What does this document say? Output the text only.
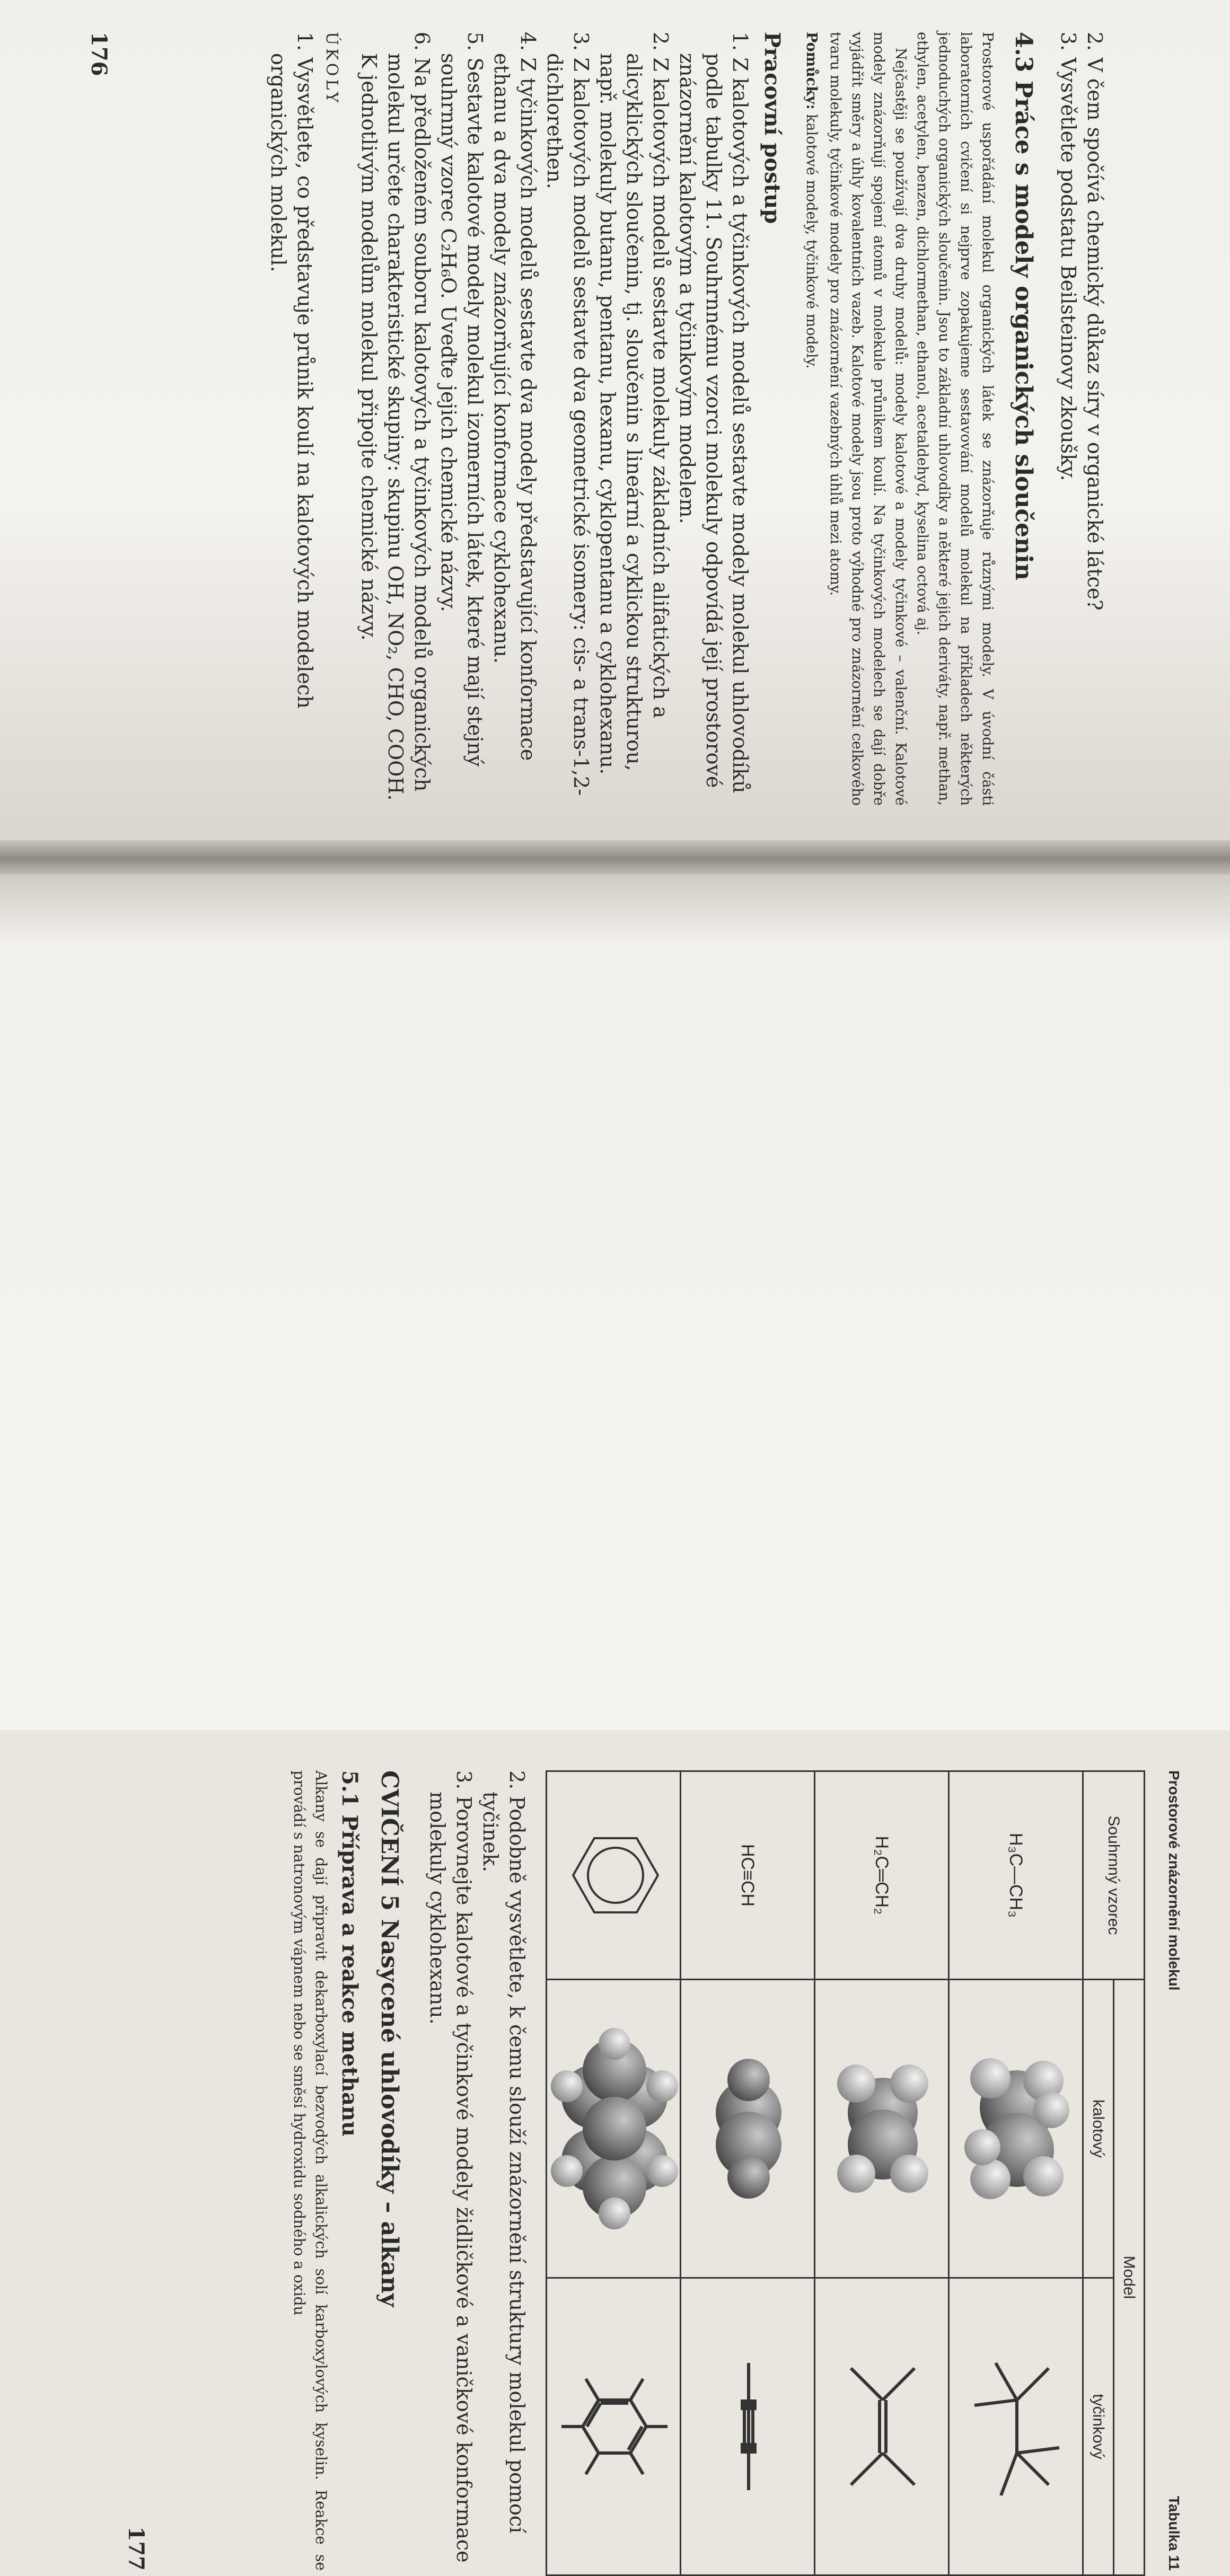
2. V čem spočívá chemický důkaz síry v organické látce?

3. Vysvětlete podstatu Beilsteinovy zkoušky.

4.3 Práce s modely organických sloučenin

Prostorové uspořádání molekul organických látek se znázorňuje různými modely. V úvodní části laboratorních cvičení si nejprve zopakujeme sestavování modelů molekul na příkladech některých jednoduchých organických sloučenin. Jsou to základní uhlovodíky a některé jejich deriváty, např. methan, ethylen, acetylen, benzen, dichlormethan, ethanol, acetaldehyd, kyselina octová aj.

Nejčastěji se používají dva druhy modelů: modely kalotové a modely tyčinkové – valenční. Kalotové modely znázorňují spojení atomů v molekule průnikem koulí. Na tyčinkových modelech se dají dobře vyjádřit směry a úhly kovalentních vazeb. Kalotové modely jsou proto výhodné pro znázornění celkového tvaru molekuly, tyčinkové modely pro znázornění vazebných úhlů mezi atomy.

Pomůcky: kalotové modely, tyčinkové modely.

Pracovní postup

1. Z kalotových a tyčinkových modelů sestavte modely molekul uhlovodíků podle tabulky 11. Souhrnnému vzorci molekuly odpovídá její prostorové znázornění kalotovým a tyčinkovým modelem.

2. Z kalotových modelů sestavte molekuly základních alifatických a alicyklických sloučenin, tj. sloučenin s lineární a cyklickou strukturou, např. molekuly butanu, pentanu, hexanu, cyklopentanu a cyklohexanu.

3. Z kalotových modelů sestavte dva geometrické isomery: cis- a trans-1,2-dichlorethen.

4. Z tyčinkových modelů sestavte dva modely představující konformace ethanu a dva modely znázorňující konformace cyklohexanu.

5. Sestavte kalotové modely molekul izomerních látek, které mají stejný souhrnný vzorec C₂H₆O. Uveďte jejich chemické názvy.

6. Na předloženém souboru kalotových a tyčinkových modelů organických molekul určete charakteristické skupiny: skupinu OH, NO₂, CHO, COOH. K jednotlivým modelům molekul připojte chemické názvy.

ÚKOLY

1. Vysvětlete, co představuje průnik koulí na kalotových modelech organických molekul.

176
Prostorové znázornění molekul
Tabulka 11
Souhrnný vzorec	Model	
	kalotový	tyčinkový
H₃C—CH₃		
H₂C═CH₂		
HC≡CH		

2. Podobně vysvětlete, k čemu slouží znázornění struktury molekul pomocí tyčinek.

3. Porovnejte kalotové a tyčinkové modely židličkové a vaničkové konformace molekuly cyklohexanu.

CVIČENÍ 5 Nasycené uhlovodíky – alkany

5.1 Příprava a reakce methanu

Alkany se dají připravit dekarboxylací bezvodých alkalických solí karboxylových kyselin. Reakce se provádí s natronovým vápnem nebo se směsí hydroxidu sodného a oxidu

177
